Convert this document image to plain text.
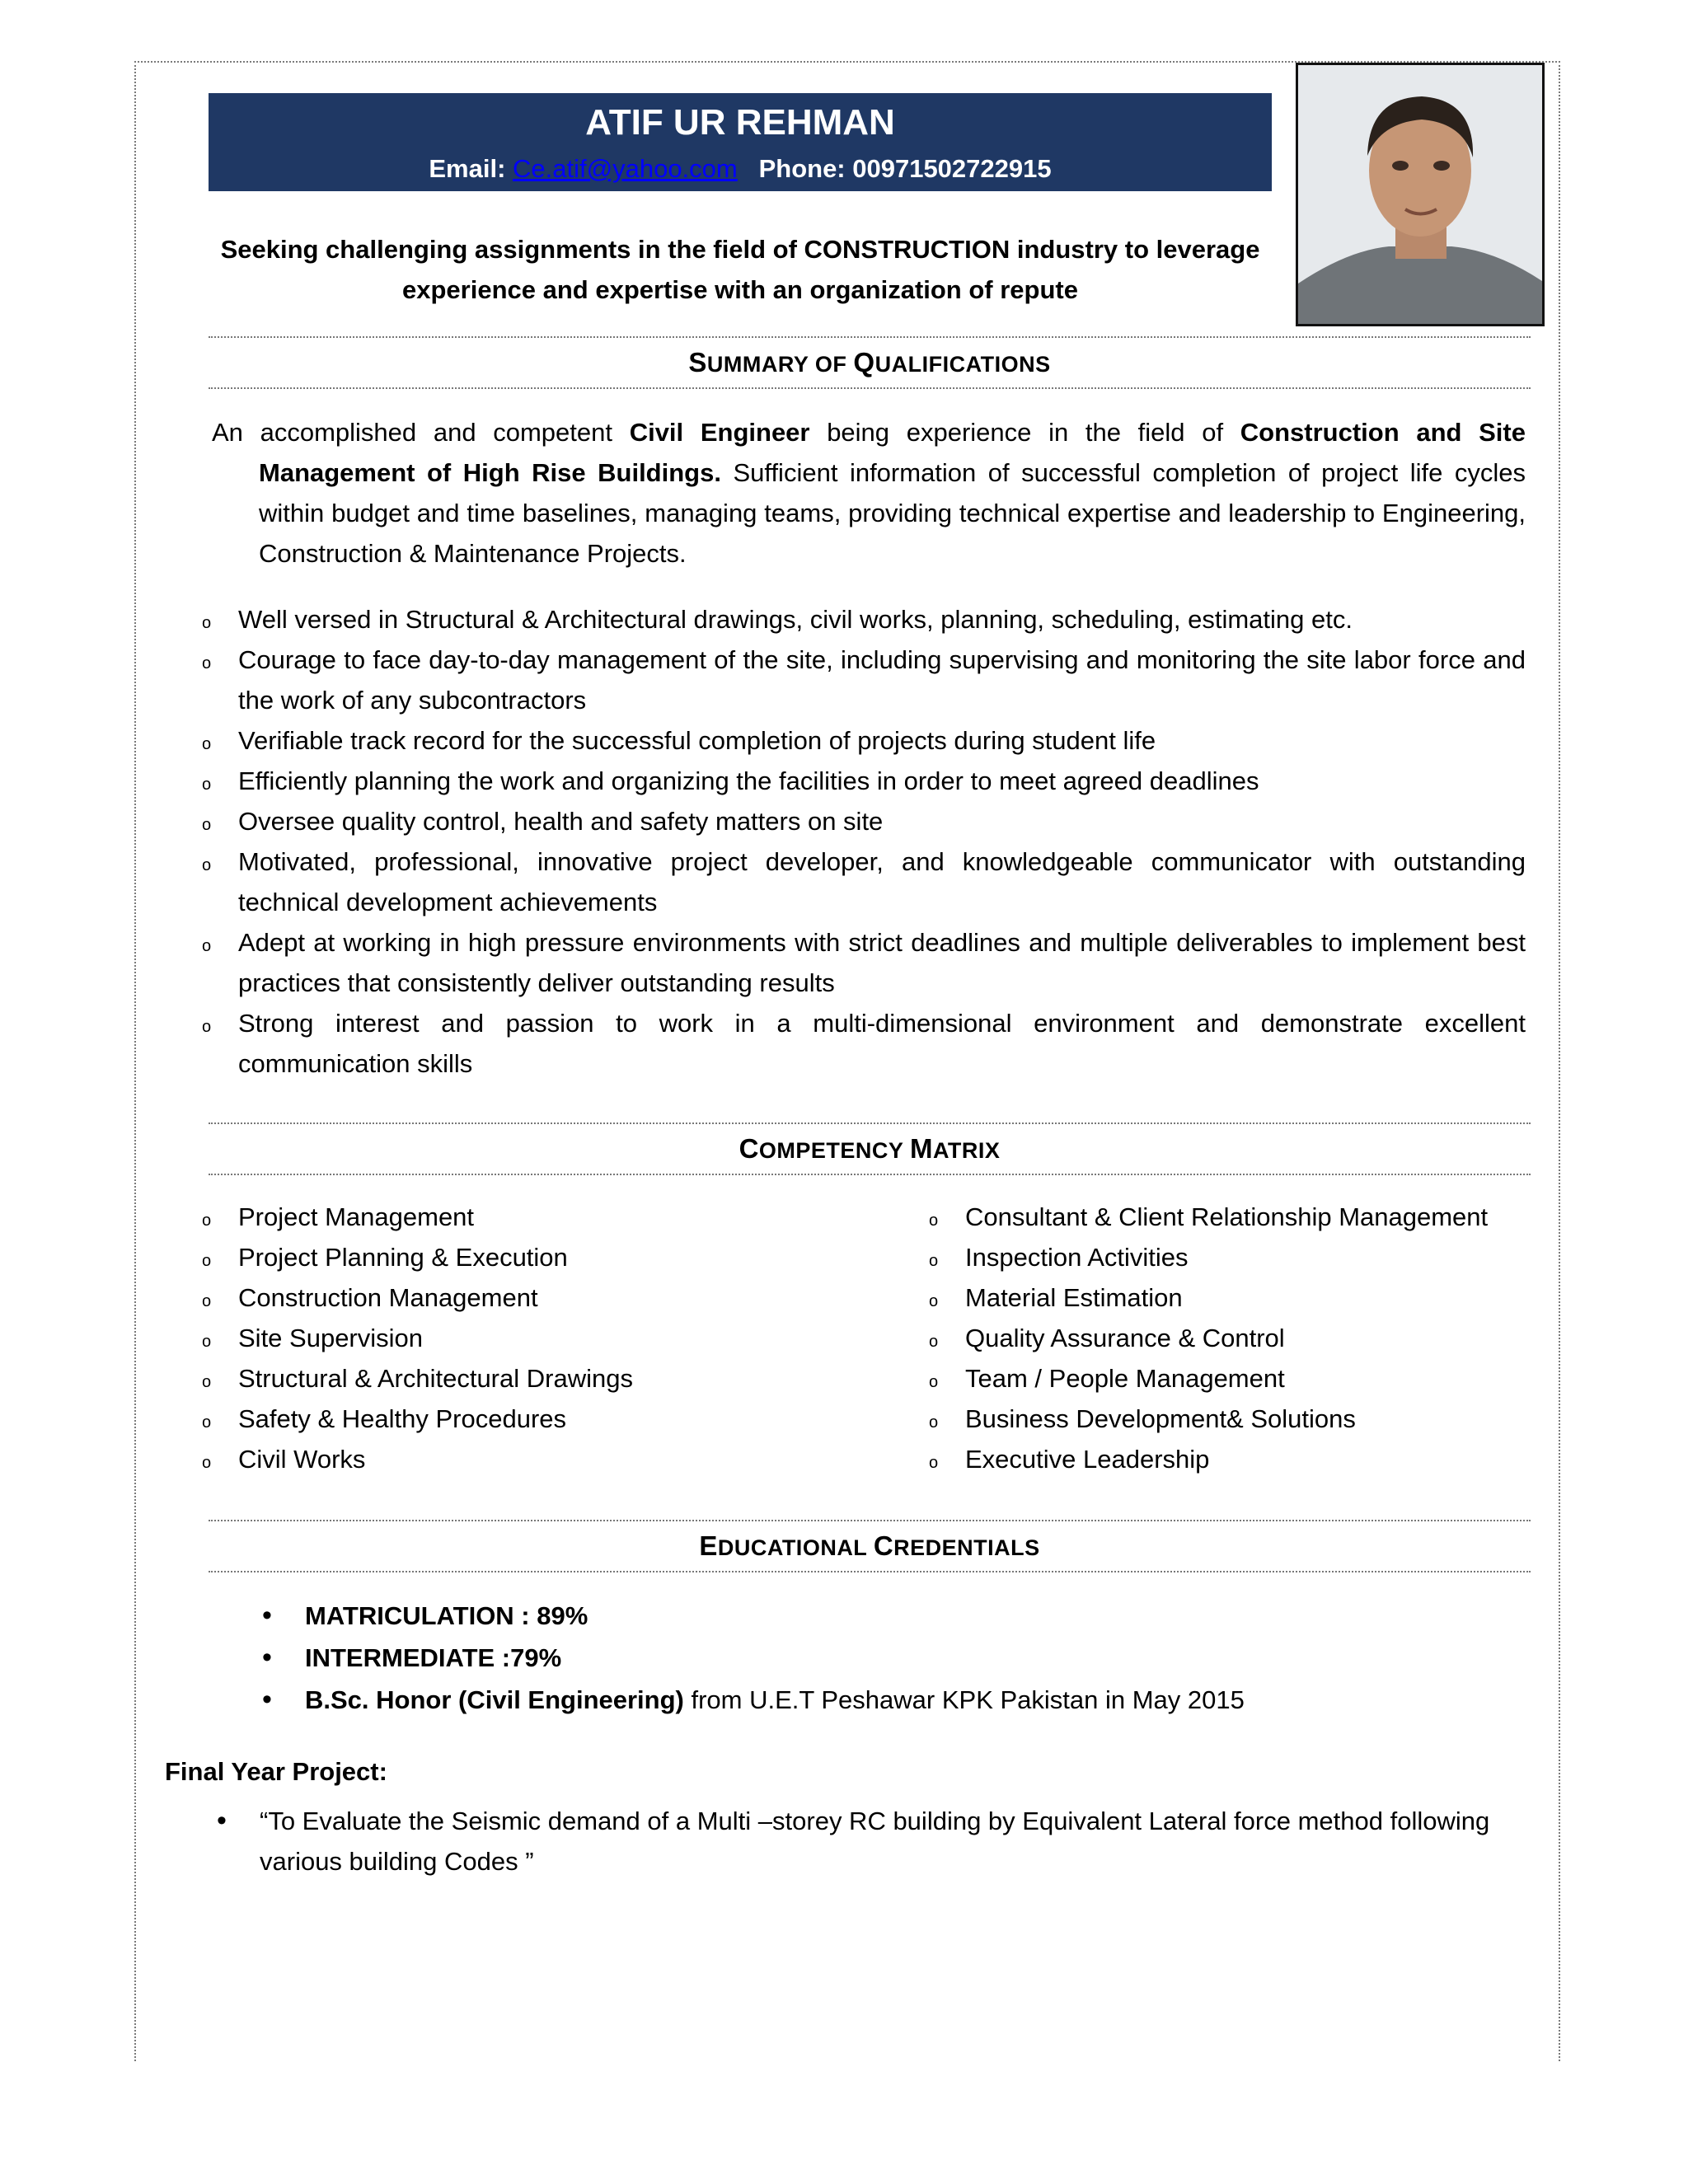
ATIF UR REHMAN
Email: Ce.atif@yahoo.com Phone: 00971502722915
Seeking challenging assignments in the field of CONSTRUCTION industry to leverage experience and expertise with an organization of repute
SUMMARY OF QUALIFICATIONS
An accomplished and competent Civil Engineer being experience in the field of Construction and Site Management of High Rise Buildings. Sufficient information of successful completion of project life cycles within budget and time baselines, managing teams, providing technical expertise and leadership to Engineering, Construction & Maintenance Projects.
o Well versed in Structural & Architectural drawings, civil works, planning, scheduling, estimating etc.
o Courage to face day-to-day management of the site, including supervising and monitoring the site labor force and the work of any subcontractors
o Verifiable track record for the successful completion of projects during student life
o Efficiently planning the work and organizing the facilities in order to meet agreed deadlines
o Oversee quality control, health and safety matters on site
o Motivated, professional, innovative project developer, and knowledgeable communicator with outstanding technical development achievements
o Adept at working in high pressure environments with strict deadlines and multiple deliverables to implement best practices that consistently deliver outstanding results
o Strong interest and passion to work in a multi-dimensional environment and demonstrate excellent communication skills
COMPETENCY MATRIX
o Project Management
o Project Planning & Execution
o Construction Management
o Site Supervision
o Structural & Architectural Drawings
o Safety & Healthy Procedures
o Civil Works
o Consultant & Client Relationship Management
o Inspection Activities
o Material Estimation
o Quality Assurance & Control
o Team / People Management
o Business Development& Solutions
o Executive Leadership
EDUCATIONAL CREDENTIALS
• MATRICULATION : 89%
• INTERMEDIATE :79%
• B.Sc. Honor (Civil Engineering) from U.E.T Peshawar KPK Pakistan in May 2015
Final Year Project:
• “To Evaluate the Seismic demand of a Multi –storey RC building by Equivalent Lateral force method following various building Codes ”
